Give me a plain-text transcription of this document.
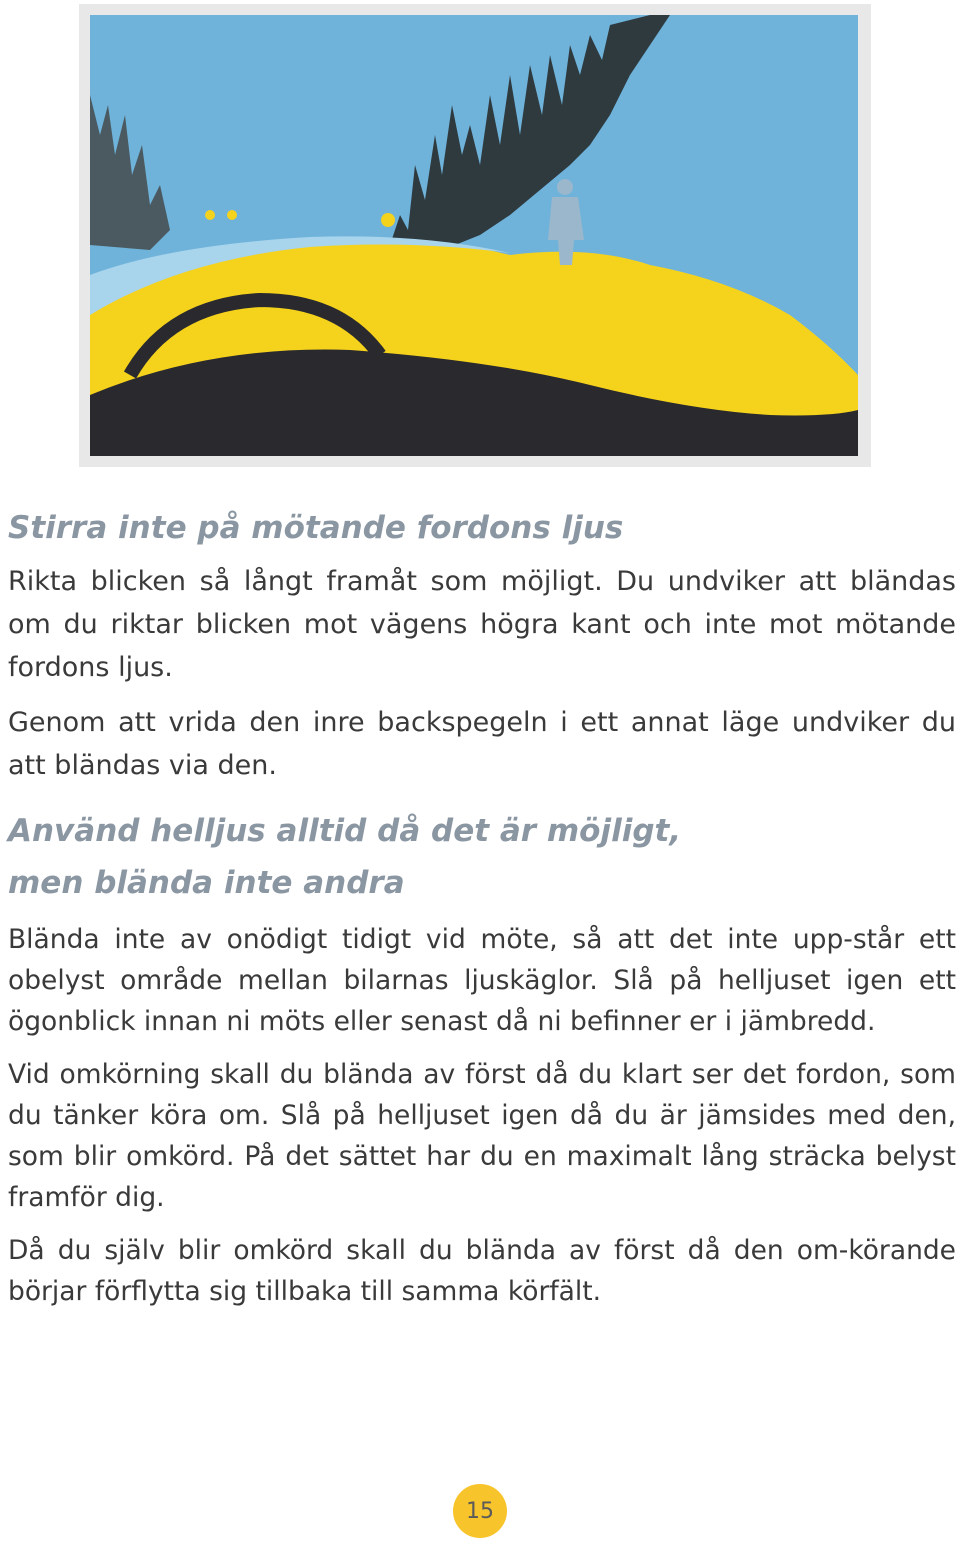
Stirra inte på mötande fordons ljus

Rikta blicken så långt framåt som möjligt. Du undviker att bländas om du riktar blicken mot vägens högra kant och inte mot mötande fordons ljus.

Genom att vrida den inre backspegeln i ett annat läge undviker du att bländas via den.

Använd helljus alltid då det är möjligt,
men blända inte andra

Blända inte av onödigt tidigt vid möte, så att det inte upp-står ett obelyst område mellan bilarnas ljuskäglor. Slå på helljuset igen ett ögonblick innan ni möts eller senast då ni befinner er i jämbredd.

Vid omkörning skall du blända av först då du klart ser det fordon, som du tänker köra om. Slå på helljuset igen då du är jämsides med den, som blir omkörd. På det sättet har du en maximalt lång sträcka belyst framför dig.

Då du själv blir omkörd skall du blända av först då den om-körande börjar förflytta sig tillbaka till samma körfält.

15
